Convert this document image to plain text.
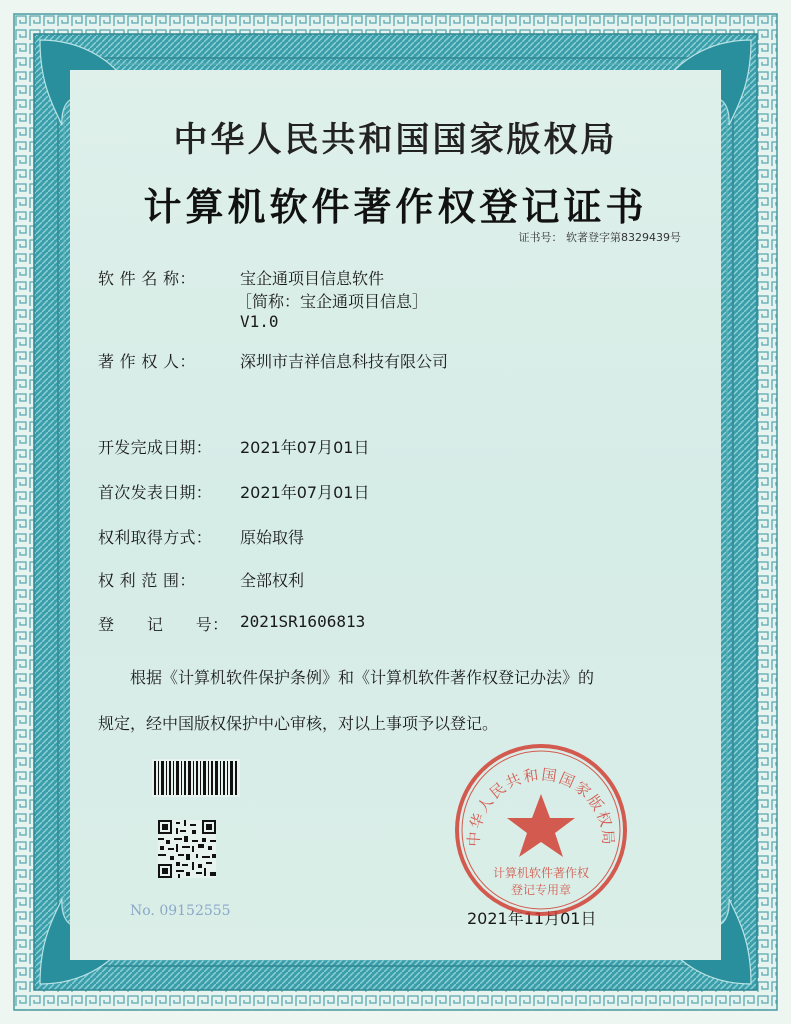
中华人民共和国国家版权局
计算机软件著作权登记证书
证书号： 软著登字第8329439号
软 件 名 称：	宝企通项目信息软件
［简称：宝企通项目信息］
V1.0
著 作 权 人：	深圳市吉祥信息科技有限公司
开发完成日期： 2021年07月01日
首次发表日期： 2021年07月01日
权利取得方式： 原始取得
权 利 范 围：	全部权利
登　　记　　号： 2021SR1606813
根据《计算机软件保护条例》和《计算机软件著作权登记办法》的
规定，经中国版权保护中心审核，对以上事项予以登记。
No. 09152555	2021年11月01日
中华人民共和国国家版权局
计算机软件著作权
登记专用章
